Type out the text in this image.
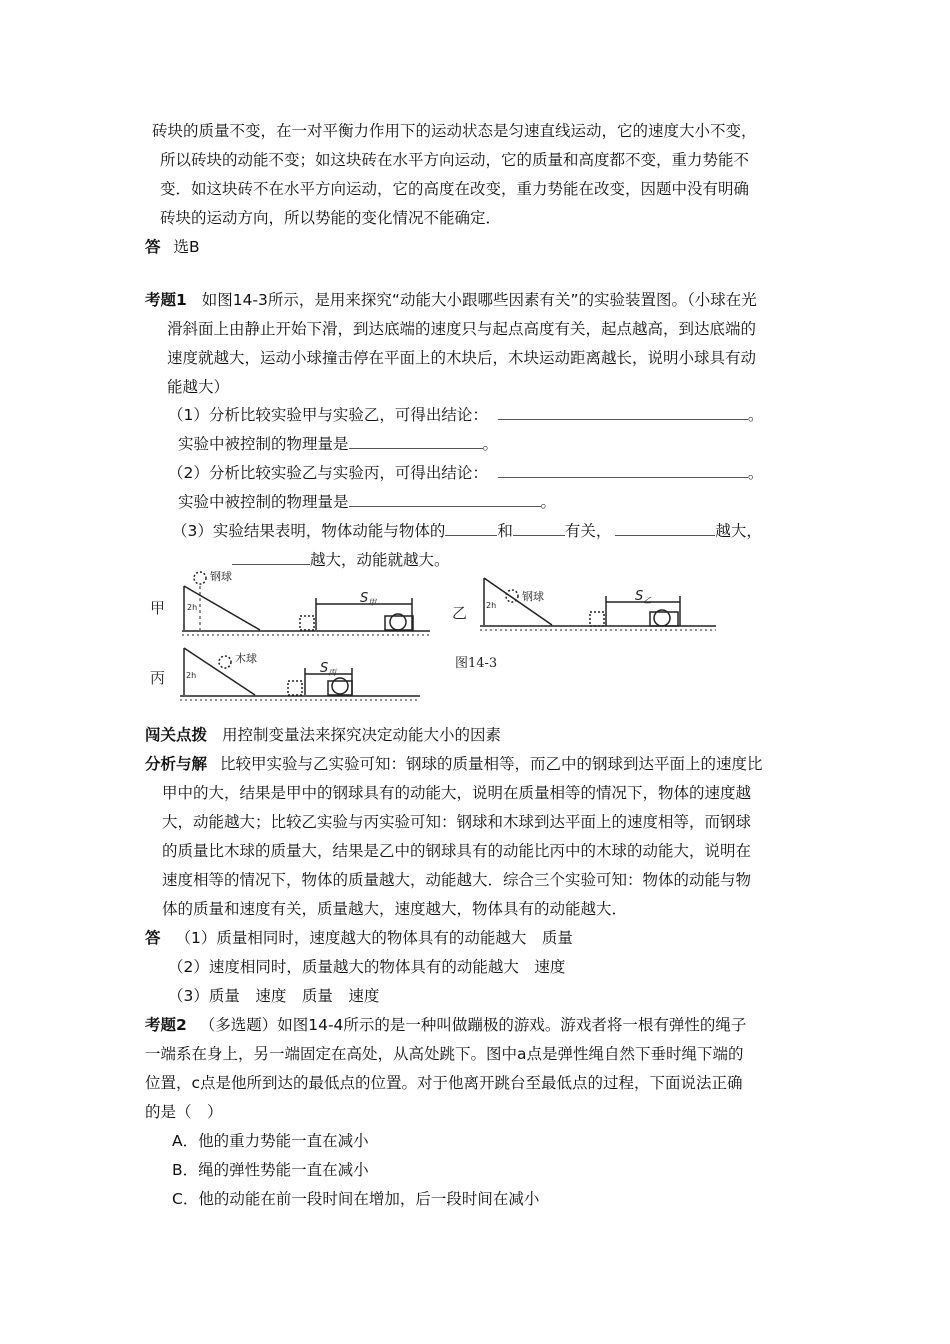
砖块的质量不变，在一对平衡力作用下的运动状态是匀速直线运动，它的速度大小不变，
所以砖块的动能不变；如这块砖在水平方向运动，它的质量和高度都不变，重力势能不
变．如这块砖不在水平方向运动，它的高度在改变，重力势能在改变，因题中没有明确
砖块的运动方向，所以势能的变化情况不能确定．
答 选B
考题1 如图14-3所示，是用来探究“动能大小跟哪些因素有关”的实验装置图。（小球在光
滑斜面上由静止开始下滑，到达底端的速度只与起点高度有关，起点越高，到达底端的
速度就越大，运动小球撞击停在平面上的木块后，木块运动距离越长，说明小球具有动
能越大）
（1）分析比较实验甲与实验乙，可得出结论：	。
实验中被控制的物理量是	。
（2）分析比较实验乙与实验丙，可得出结论：	。
实验中被控制的物理量是	。
（3）实验结果表明，物体动能与物体的	和	有关，	越大，
越大，动能就越大。
甲
钢球
2h
$S_甲$
乙
钢球
2h
$S_乙$
丙
木球
2h	$S_丙$
图14-3
闯关点拨 用控制变量法来探究决定动能大小的因素
分析与解 比较甲实验与乙实验可知：钢球的质量相等，而乙中的钢球到达平面上的速度比
甲中的大，结果是甲中的钢球具有的动能大，说明在质量相等的情况下，物体的速度越
大，动能越大；比较乙实验与丙实验可知：钢球和木球到达平面上的速度相等，而钢球
的质量比木球的质量大，结果是乙中的钢球具有的动能比丙中的木球的动能大，说明在
速度相等的情况下，物体的质量越大，动能越大．综合三个实验可知：物体的动能与物
体的质量和速度有关，质量越大，速度越大，物体具有的动能越大．
答 （1）质量相同时，速度越大的物体具有的动能越大　质量
（2）速度相同时，质量越大的物体具有的动能越大　速度
（3）质量　速度　质量　速度
考题2 （多选题）如图14-4所示的是一种叫做蹦极的游戏。游戏者将一根有弹性的绳子
一端系在身上，另一端固定在高处，从高处跳下。图中a点是弹性绳自然下垂时绳下端的
位置，c点是他所到达的最低点的位置。对于他离开跳台至最低点的过程，下面说法正确
的是（　）
A．他的重力势能一直在减小
B．绳的弹性势能一直在减小
C．他的动能在前一段时间在增加，后一段时间在减小
